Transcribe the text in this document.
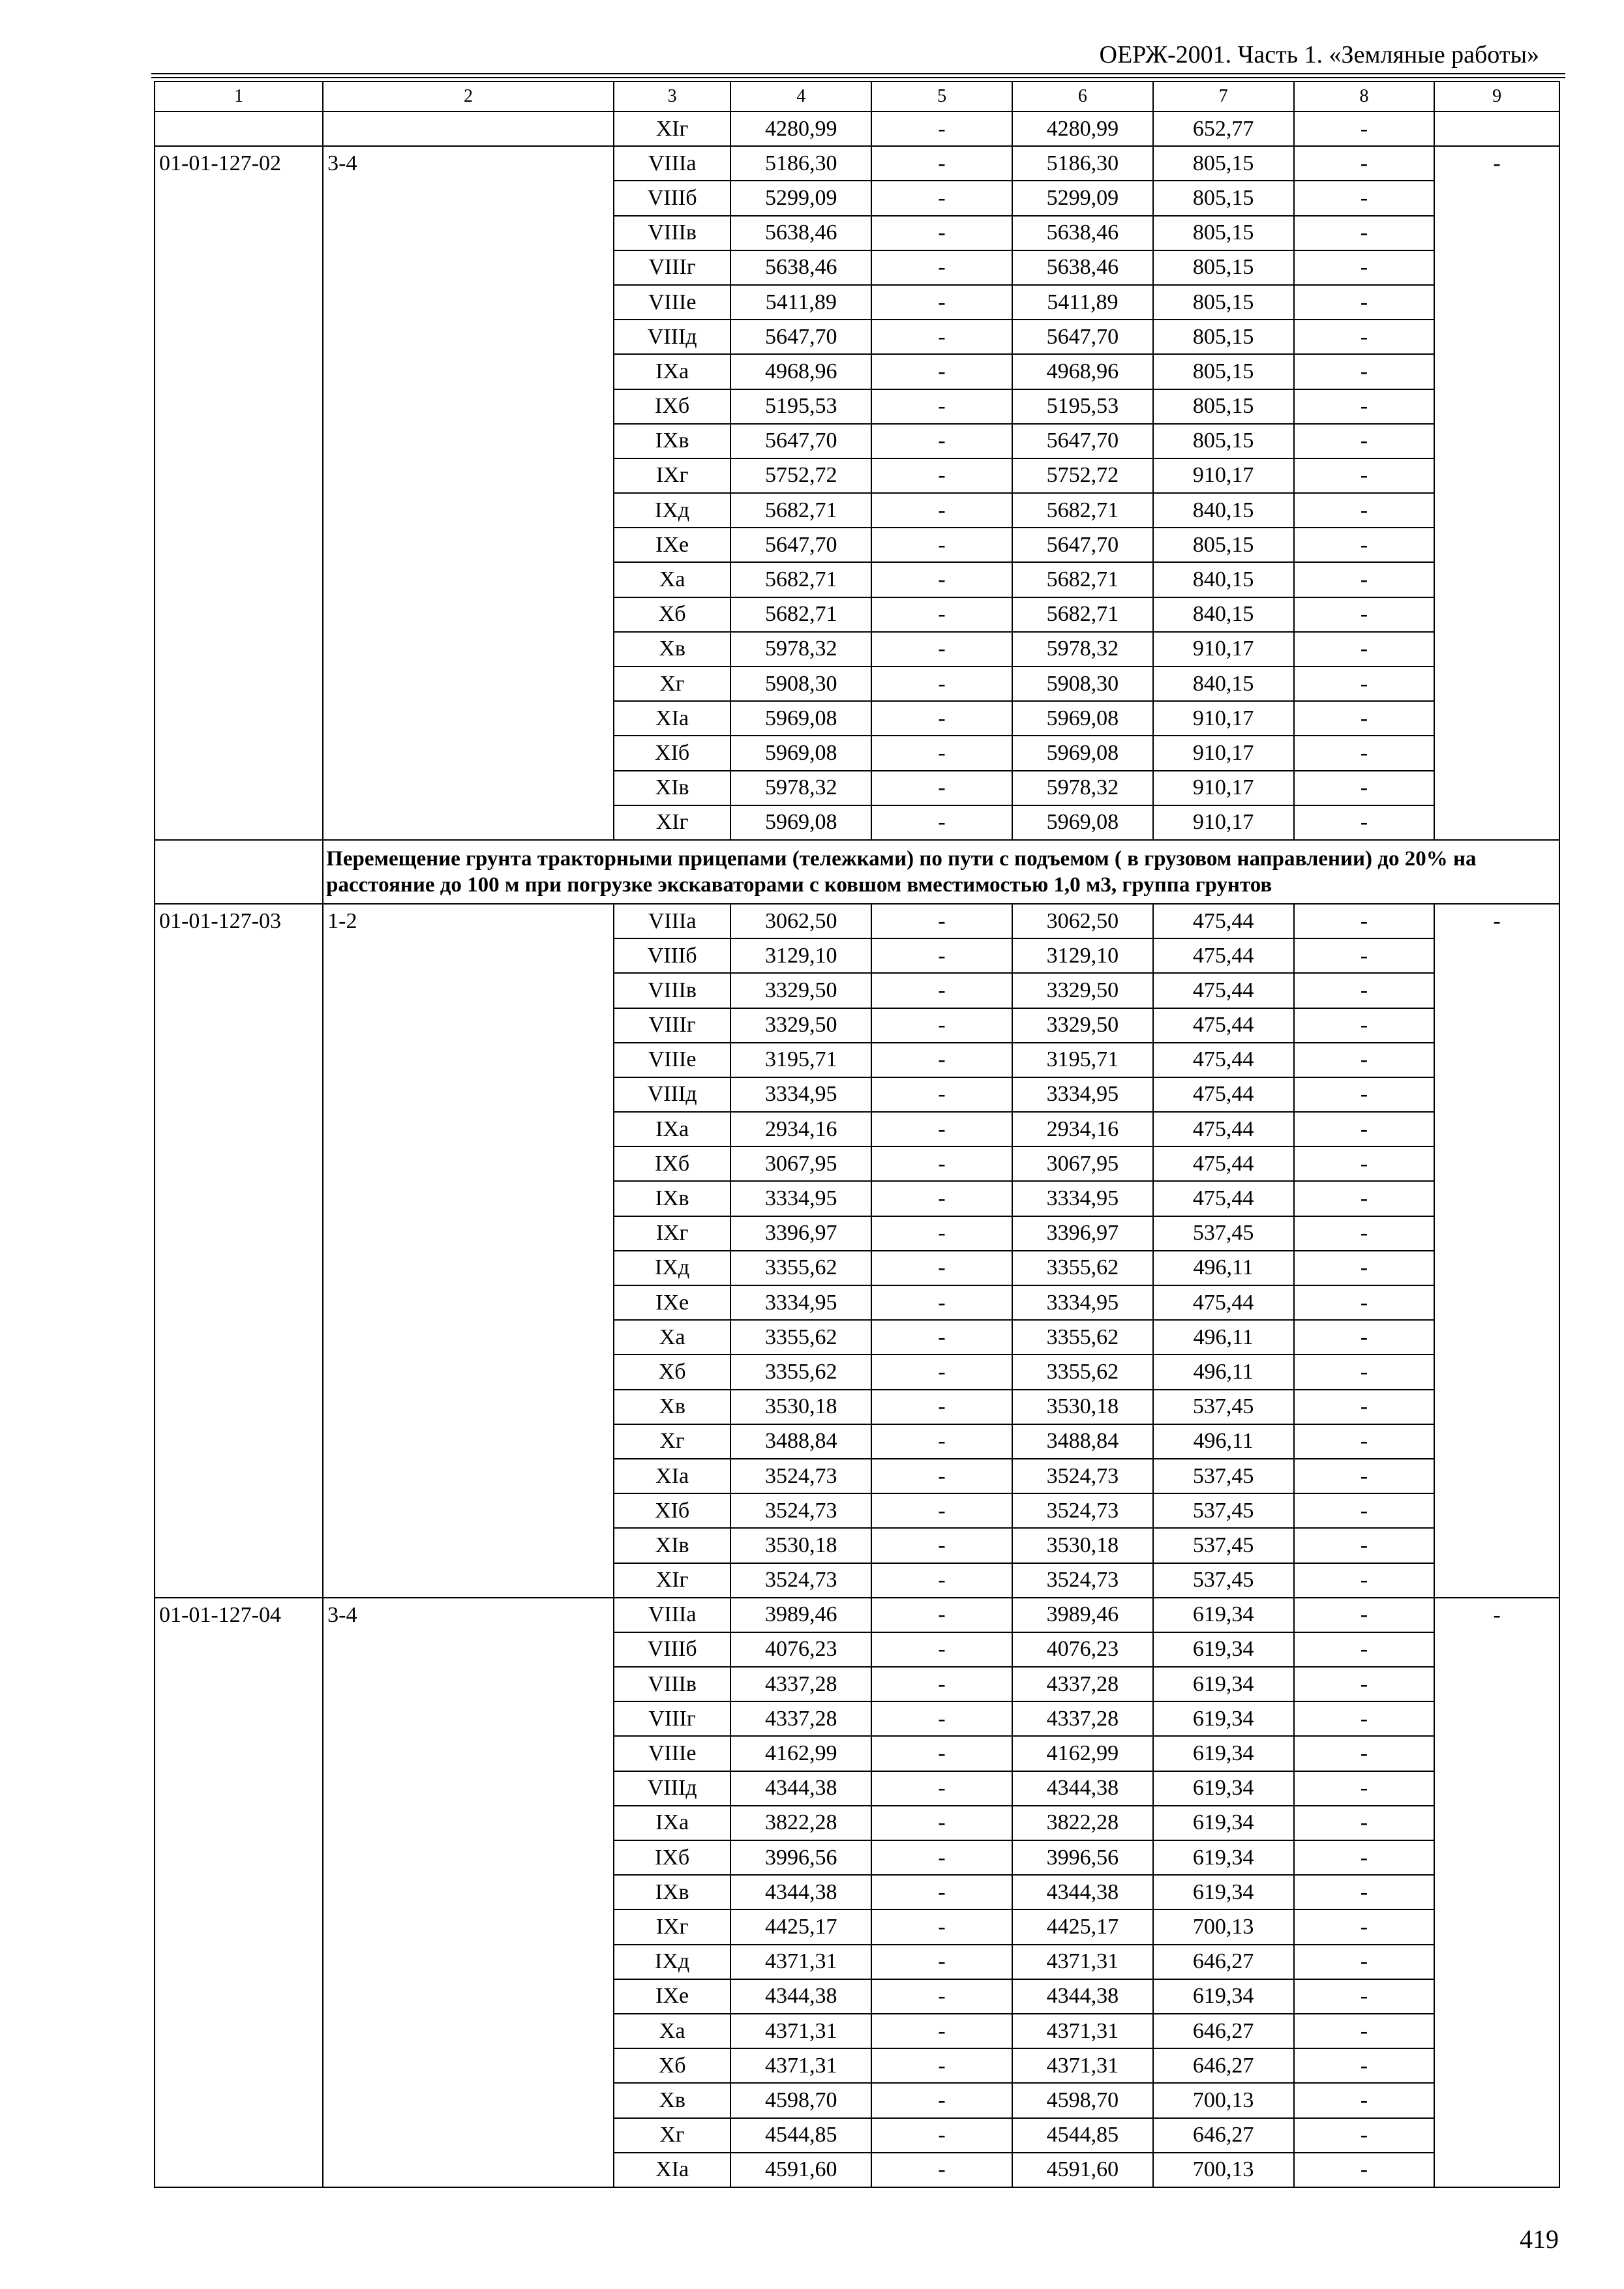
ОЕРЖ-2001. Часть 1. «Земляные работы»
1	2	3	4	5	6	7	8	9
		XIг	4280,99	-	4280,99	652,77	-	
01-01-127-02	3-4	VIIIа	5186,30	-	5186,30	805,15	-	-
		VIIIб	5299,09	-	5299,09	805,15	-	
		VIIIв	5638,46	-	5638,46	805,15	-	
		VIIIг	5638,46	-	5638,46	805,15	-	
		VIIIе	5411,89	-	5411,89	805,15	-	
		VIIIд	5647,70	-	5647,70	805,15	-	
		IXа	4968,96	-	4968,96	805,15	-	
		IXб	5195,53	-	5195,53	805,15	-	
		IXв	5647,70	-	5647,70	805,15	-	
		IXг	5752,72	-	5752,72	910,17	-	
		IXд	5682,71	-	5682,71	840,15	-	
		IXе	5647,70	-	5647,70	805,15	-	
		Xа	5682,71	-	5682,71	840,15	-	
		Xб	5682,71	-	5682,71	840,15	-	
		Xв	5978,32	-	5978,32	910,17	-	
		Xг	5908,30	-	5908,30	840,15	-	
		XIа	5969,08	-	5969,08	910,17	-	
		XIб	5969,08	-	5969,08	910,17	-	
		XIв	5978,32	-	5978,32	910,17	-	
		XIг	5969,08	-	5969,08	910,17	-	
	Перемещение грунта тракторными прицепами (тележками) по пути с подъемом ( в грузовом направлении) до 20% на расстояние до 100 м при погрузке экскаваторами с ковшом вместимостью 1,0 м3, группа грунтов							
01-01-127-03	1-2	VIIIа	3062,50	-	3062,50	475,44	-	-
		VIIIб	3129,10	-	3129,10	475,44	-	
		VIIIв	3329,50	-	3329,50	475,44	-	
		VIIIг	3329,50	-	3329,50	475,44	-	
		VIIIе	3195,71	-	3195,71	475,44	-	
		VIIIд	3334,95	-	3334,95	475,44	-	
		IXа	2934,16	-	2934,16	475,44	-	
		IXб	3067,95	-	3067,95	475,44	-	
		IXв	3334,95	-	3334,95	475,44	-	
		IXг	3396,97	-	3396,97	537,45	-	
		IXд	3355,62	-	3355,62	496,11	-	
		IXе	3334,95	-	3334,95	475,44	-	
		Xа	3355,62	-	3355,62	496,11	-	
		Xб	3355,62	-	3355,62	496,11	-	
		Xв	3530,18	-	3530,18	537,45	-	
		Xг	3488,84	-	3488,84	496,11	-	
		XIа	3524,73	-	3524,73	537,45	-	
		XIб	3524,73	-	3524,73	537,45	-	
		XIв	3530,18	-	3530,18	537,45	-	
		XIг	3524,73	-	3524,73	537,45	-	
01-01-127-04	3-4	VIIIа	3989,46	-	3989,46	619,34	-	-
		VIIIб	4076,23	-	4076,23	619,34	-	
		VIIIв	4337,28	-	4337,28	619,34	-	
		VIIIг	4337,28	-	4337,28	619,34	-	
		VIIIе	4162,99	-	4162,99	619,34	-	
		VIIIд	4344,38	-	4344,38	619,34	-	
		IXа	3822,28	-	3822,28	619,34	-	
		IXб	3996,56	-	3996,56	619,34	-	
		IXв	4344,38	-	4344,38	619,34	-	
		IXг	4425,17	-	4425,17	700,13	-	
		IXд	4371,31	-	4371,31	646,27	-	
		IXе	4344,38	-	4344,38	619,34	-	
		Xа	4371,31	-	4371,31	646,27	-	
		Xб	4371,31	-	4371,31	646,27	-	
		Xв	4598,70	-	4598,70	700,13	-	
		Xг	4544,85	-	4544,85	646,27	-	
		XIа	4591,60	-	4591,60	700,13	-	
419
